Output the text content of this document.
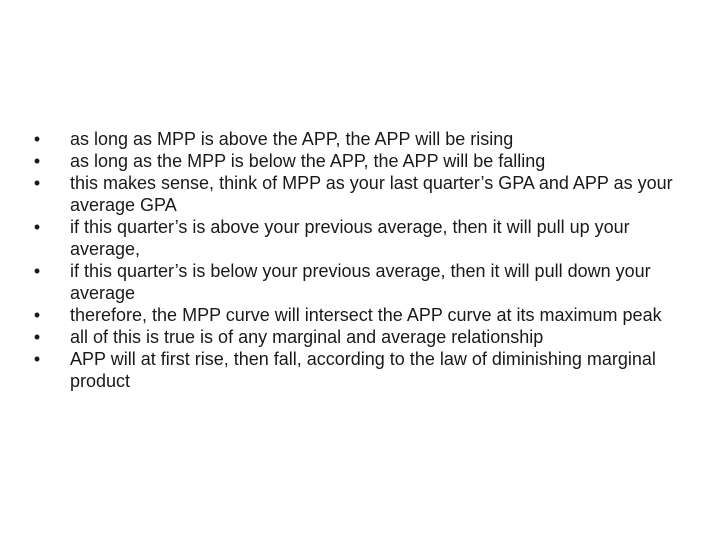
• as long as MPP is above the APP, the APP will be rising
• as long as the MPP is below the APP, the APP will be falling
• this makes sense, think of MPP as your last quarter’s GPA and APP as your average GPA
• if this quarter’s is above your previous average, then it will pull up your average,
• if this quarter’s is below your previous average, then it will pull down your average
• therefore, the MPP curve will intersect the APP curve at its maximum peak
• all of this is true is of any marginal and average relationship
• APP will at first rise, then fall, according to the law of diminishing marginal product
